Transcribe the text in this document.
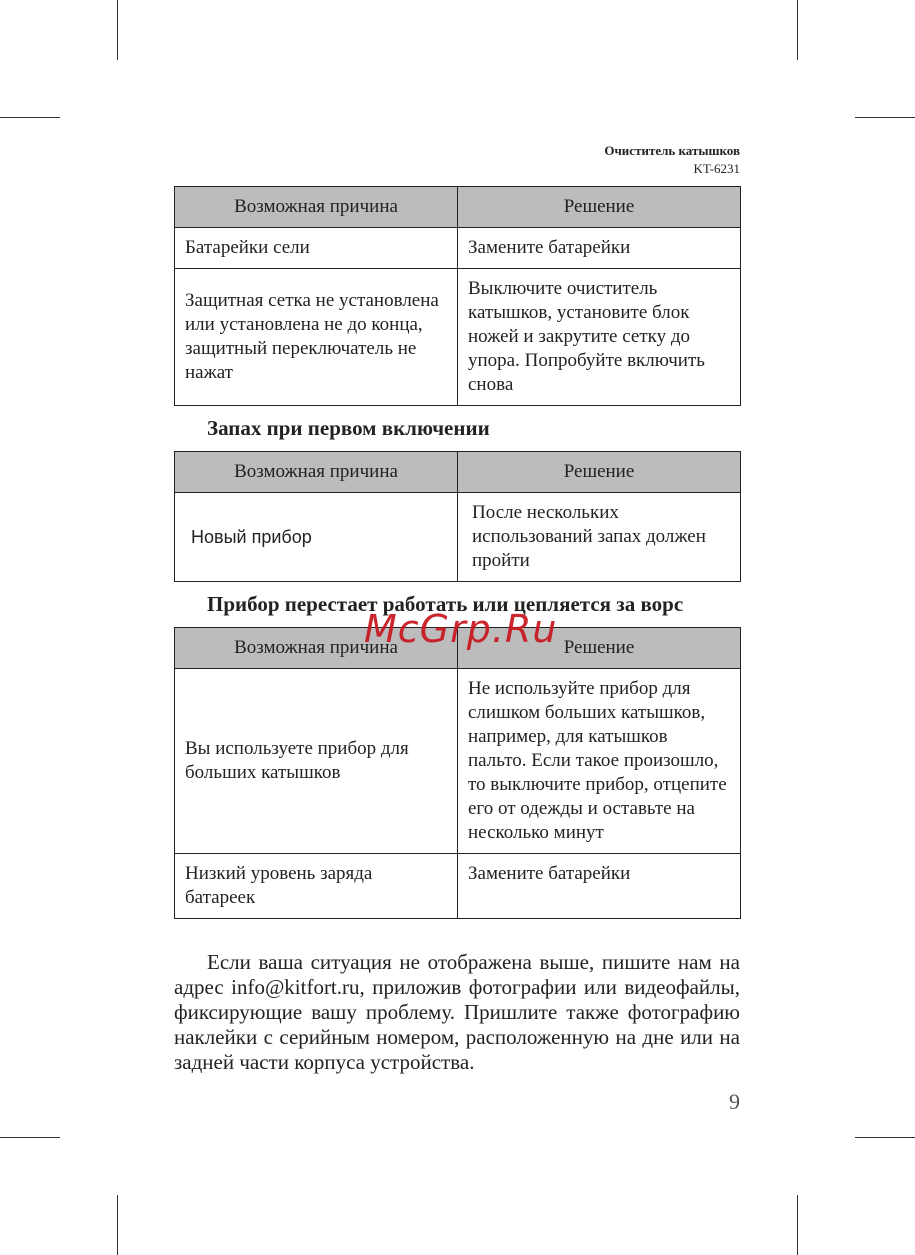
Очиститель катышков
KT-6231
Возможная причина	Решение
Батарейки сели	Замените батарейки
Защитная сетка не установлена или установлена не до конца, защитный переключатель не нажат	Выключите очиститель катышков, установите блок ножей и закрутите сетку до упора. Попробуйте включить снова
Запах при первом включении
Возможная причина	Решение
Новый прибор	После нескольких использований запах должен пройти
Прибор перестает работать или цепляется за ворс
Возможная причина	Решение
Вы используете прибор для больших катышков	Не используйте прибор для слишком больших катышков, например, для катышков пальто. Если такое произошло, то выключите прибор, отцепите его от одежды и оставьте на несколько минут
Низкий уровень заряда батареек	Замените батарейки
McGrp.Ru

Если ваша ситуация не отображена выше, пишите нам на адрес info@kitfort.ru, приложив фотографии или видеофайлы, фиксирующие вашу проблему. Пришлите также фотографию наклейки с серийным номером, расположенную на дне или на задней части корпуса устройства.

9
